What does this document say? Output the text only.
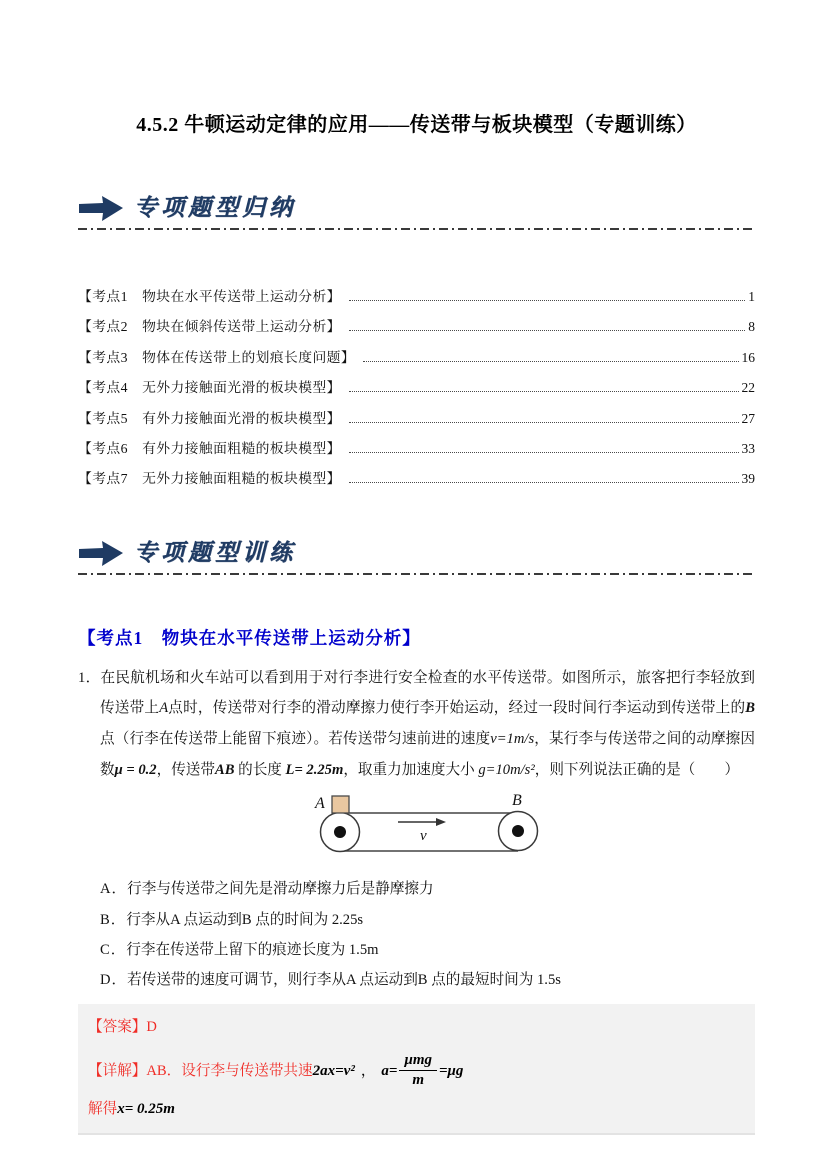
4.5.2 牛顿运动定律的应用——传送带与板块模型（专题训练）
专项题型归纳
【考点1　物块在水平传送带上运动分析】	1
【考点2　物块在倾斜传送带上运动分析】	8
【考点3　物体在传送带上的划痕长度问题】	16
【考点4　无外力接触面光滑的板块模型】	22
【考点5　有外力接触面光滑的板块模型】	27
【考点6　有外力接触面粗糙的板块模型】	33
【考点7　无外力接触面粗糙的板块模型】	39
专项题型训练
【考点1　物块在水平传送带上运动分析】
1．在民航机场和火车站可以看到用于对行李进行安全检查的水平传送带。如图所示，旅客把行李轻放到传送带上A点时，传送带对行李的滑动摩擦力使行李开始运动，经过一段时间行李运动到传送带上的B点（行李在传送带上能留下痕迹）。若传送带匀速前进的速度v=1m/s，某行李与传送带之间的动摩擦因数μ = 0.2，传送带AB 的长度 L= 2.25m，取重力加速度大小 g=10m/s²，则下列说法正确的是（　　）
A	B
v
A．行李与传送带之间先是滑动摩擦力后是静摩擦力
B．行李从A 点运动到B 点的时间为 2.25s
C．行李在传送带上留下的痕迹长度为 1.5m
D．若传送带的速度可调节，则行李从A 点运动到B 点的最短时间为 1.5s
【答案】D
【详解】 AB．设行李与传送带共速 2ax=v² ， $a= \frac{\text{μmg}}{m} =\mu g$
解得x= 0.25m
